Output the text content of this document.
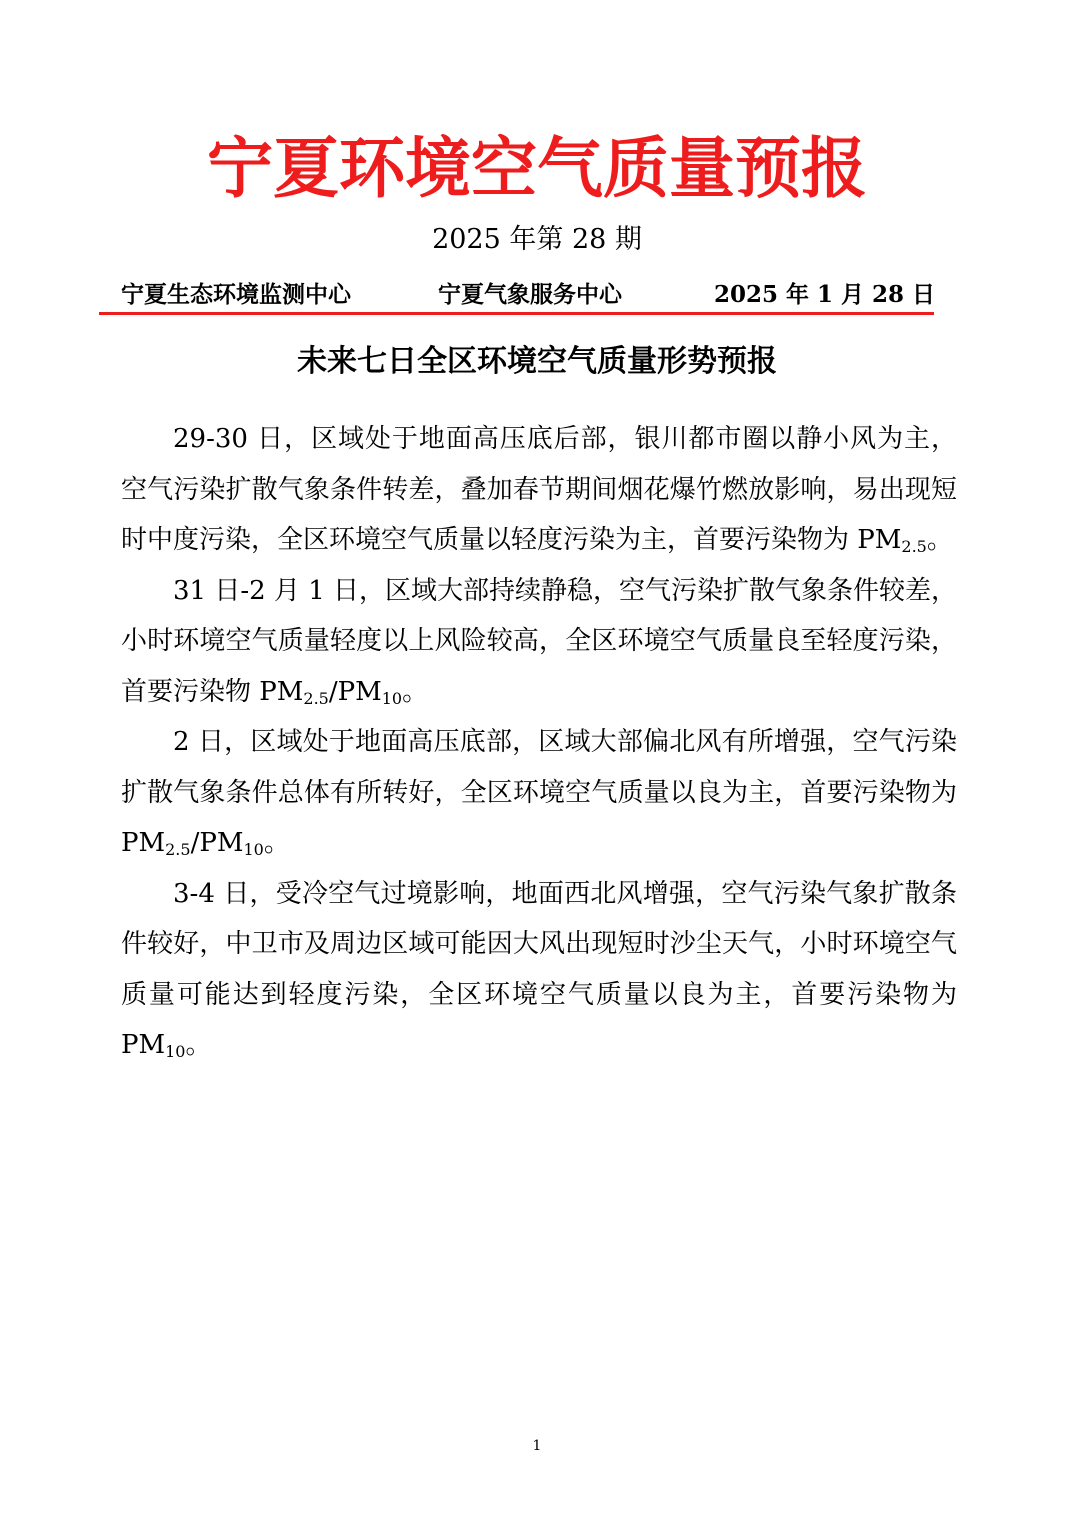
宁夏环境空气质量预报
2025 年第 28 期
宁夏生态环境监测中心	宁夏气象服务中心	2025 年 1 月 28 日
未来七日全区环境空气质量形势预报

29-30 日，区域处于地面高压底后部，银川都市圈以静小风为主，空气污染扩散气象条件转差，叠加春节期间烟花爆竹燃放影响，易出现短时中度污染，全区环境空气质量以轻度污染为主，首要污染物为 $PM_{2.5}$。

31 日-2 月 1 日，区域大部持续静稳，空气污染扩散气象条件较差，小时环境空气质量轻度以上风险较高，全区环境空气质量良至轻度污染，首要污染物 $PM_{2.5}/PM_{10}$。

2 日，区域处于地面高压底部，区域大部偏北风有所增强，空气污染扩散气象条件总体有所转好，全区环境空气质量以良为主，首要污染物为 $PM_{2.5}/PM_{10}$。

3-4 日，受冷空气过境影响，地面西北风增强，空气污染气象扩散条件较好，中卫市及周边区域可能因大风出现短时沙尘天气，小时环境空气质量可能达到轻度污染，全区环境空气质量以良为主，首要污染物为 $PM_{10}$。

1
